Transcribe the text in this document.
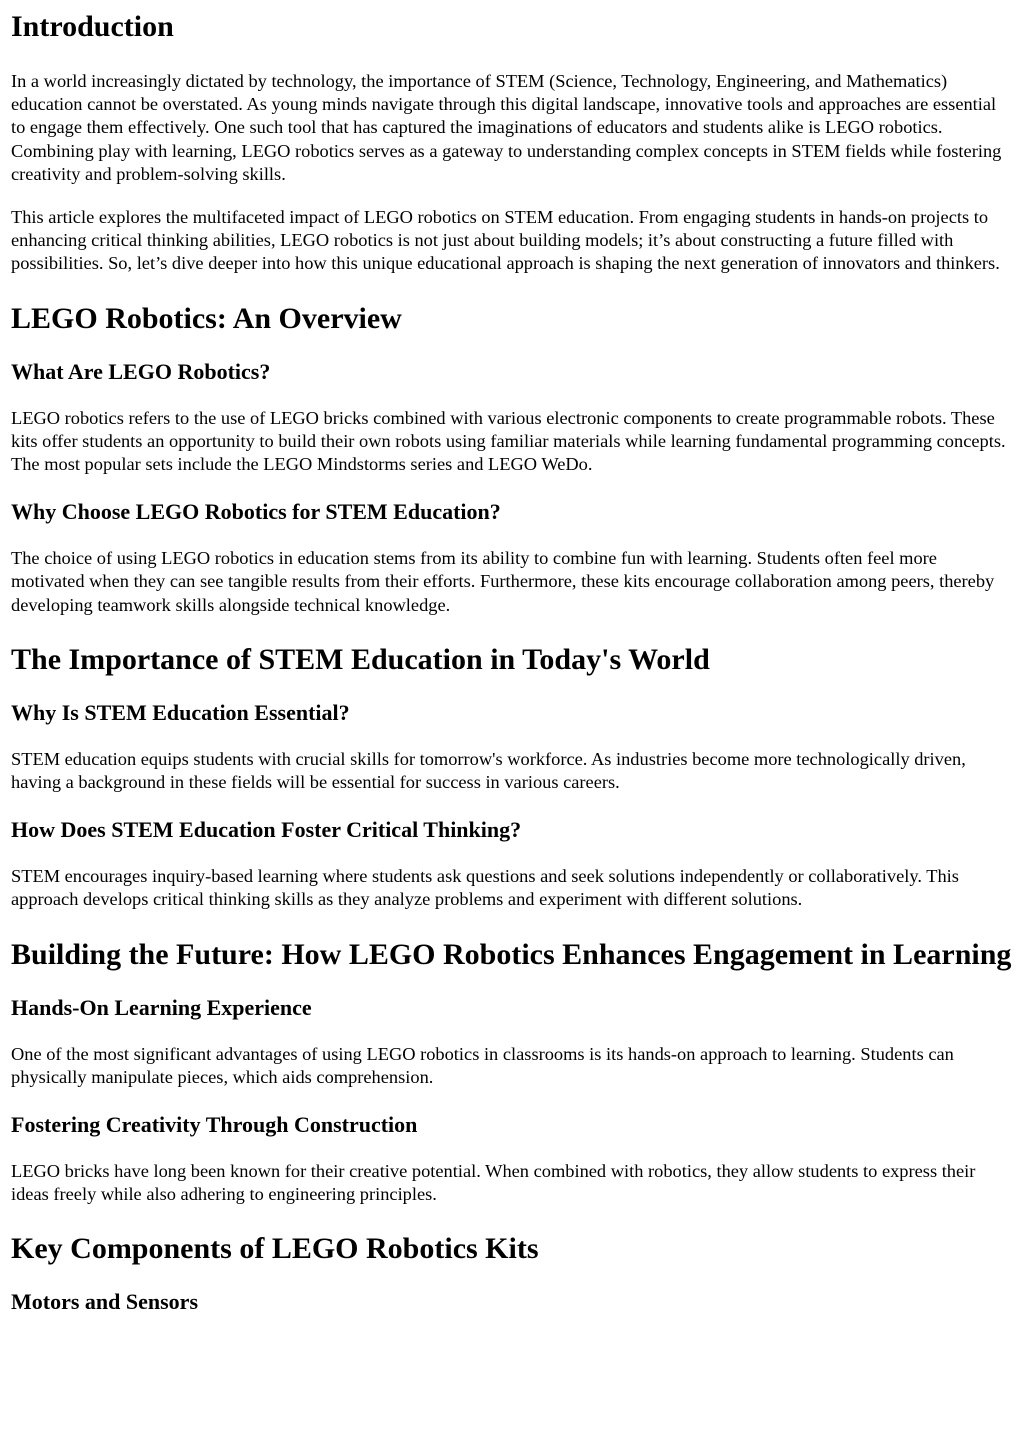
Introduction

In a world increasingly dictated by technology, the importance of STEM (Science, Technology, Engineering, and Mathematics) education cannot be overstated. As young minds navigate through this digital landscape, innovative tools and approaches are essential to engage them effectively. One such tool that has captured the imaginations of educators and students alike is LEGO robotics. Combining play with learning, LEGO robotics serves as a gateway to understanding complex concepts in STEM fields while fostering creativity and problem-solving skills.

This article explores the multifaceted impact of LEGO robotics on STEM education. From engaging students in hands-on projects to enhancing critical thinking abilities, LEGO robotics is not just about building models; it’s about constructing a future filled with possibilities. So, let’s dive deeper into how this unique educational approach is shaping the next generation of innovators and thinkers.

LEGO Robotics: An Overview
What Are LEGO Robotics?

LEGO robotics refers to the use of LEGO bricks combined with various electronic components to create programmable robots. These kits offer students an opportunity to build their own robots using familiar materials while learning fundamental programming concepts. The most popular sets include the LEGO Mindstorms series and LEGO WeDo.

Why Choose LEGO Robotics for STEM Education?

The choice of using LEGO robotics in education stems from its ability to combine fun with learning. Students often feel more motivated when they can see tangible results from their efforts. Furthermore, these kits encourage collaboration among peers, thereby developing teamwork skills alongside technical knowledge.

The Importance of STEM Education in Today's World
Why Is STEM Education Essential?

STEM education equips students with crucial skills for tomorrow's workforce. As industries become more technologically driven, having a background in these fields will be essential for success in various careers.

How Does STEM Education Foster Critical Thinking?

STEM encourages inquiry-based learning where students ask questions and seek solutions independently or collaboratively. This approach develops critical thinking skills as they analyze problems and experiment with different solutions.

Building the Future: How LEGO Robotics Enhances Engagement in Learning
Hands-On Learning Experience

One of the most significant advantages of using LEGO robotics in classrooms is its hands-on approach to learning. Students can physically manipulate pieces, which aids comprehension.

Fostering Creativity Through Construction

LEGO bricks have long been known for their creative potential. When combined with robotics, they allow students to express their ideas freely while also adhering to engineering principles.

Key Components of LEGO Robotics Kits
Motors and Sensors
